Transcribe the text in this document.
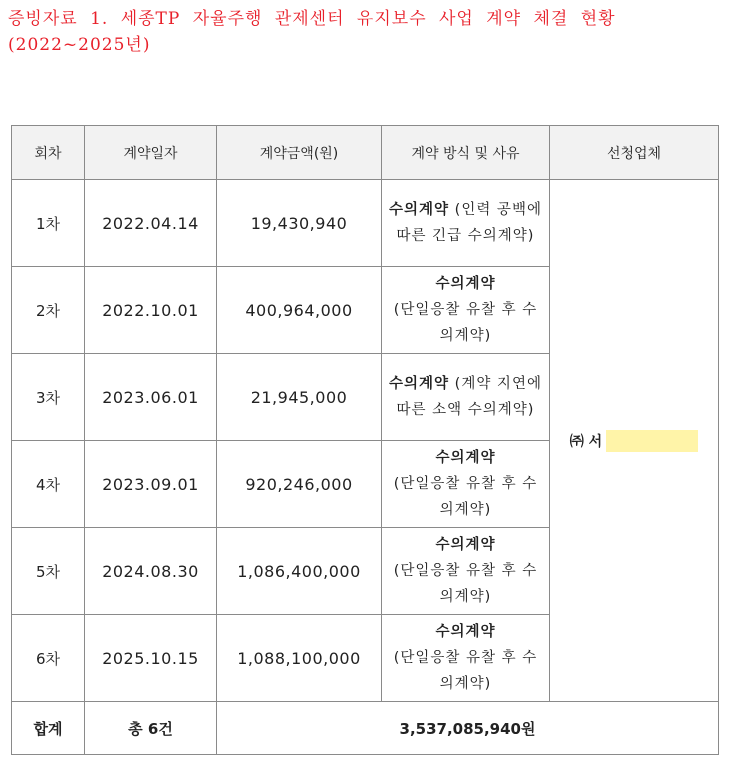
증빙자료 1. 세종TP 자율주행 관제센터 유지보수 사업 계약 체결 현황
(2022~2025년)
회차	계약일자	계약금액(원)	계약 방식 및 사유	선청업체
1차	2022.04.14	19,430,940	수의계약 (인력 공백에 따른 긴급 수의계약)	㈜ 서

2차	2022.10.01	400,964,000	수의계약
(단일응찰 유찰 후 수의계약)	
3차	2023.06.01	21,945,000	수의계약 (계약 지연에 따른 소액 수의계약)	
4차	2023.09.01	920,246,000	수의계약
(단일응찰 유찰 후 수의계약)	
5차	2024.08.30	1,086,400,000	수의계약
(단일응찰 유찰 후 수의계약)	
6차	2025.10.15	1,088,100,000	수의계약
(단일응찰 유찰 후 수의계약)	
합계	총 6건	3,537,085,940원		
